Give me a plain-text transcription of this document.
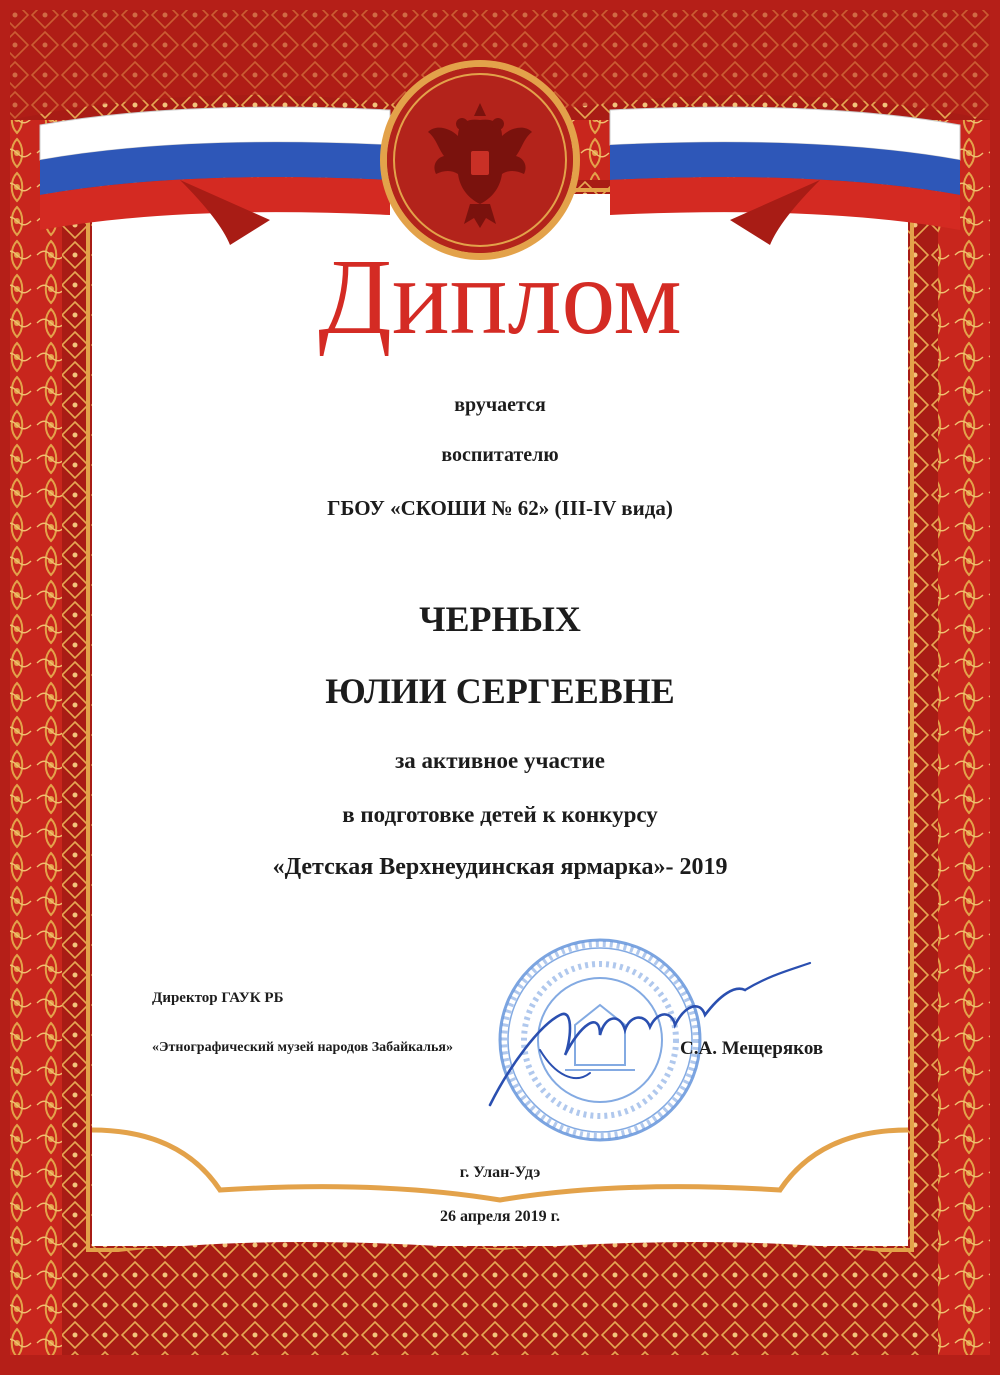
Диплом
вручается
воспитателю
ГБОУ «СКОШИ № 62» (III-IV вида)
ЧЕРНЫХ
ЮЛИИ СЕРГЕЕВНЕ
за активное участие
в подготовке детей к конкурсу
«Детская Верхнеудинская ярмарка»- 2019
Директор ГАУК РБ
«Этнографический музей народов Забайкалья»	С.А. Мещеряков
г. Улан-Удэ
26 апреля 2019 г.
